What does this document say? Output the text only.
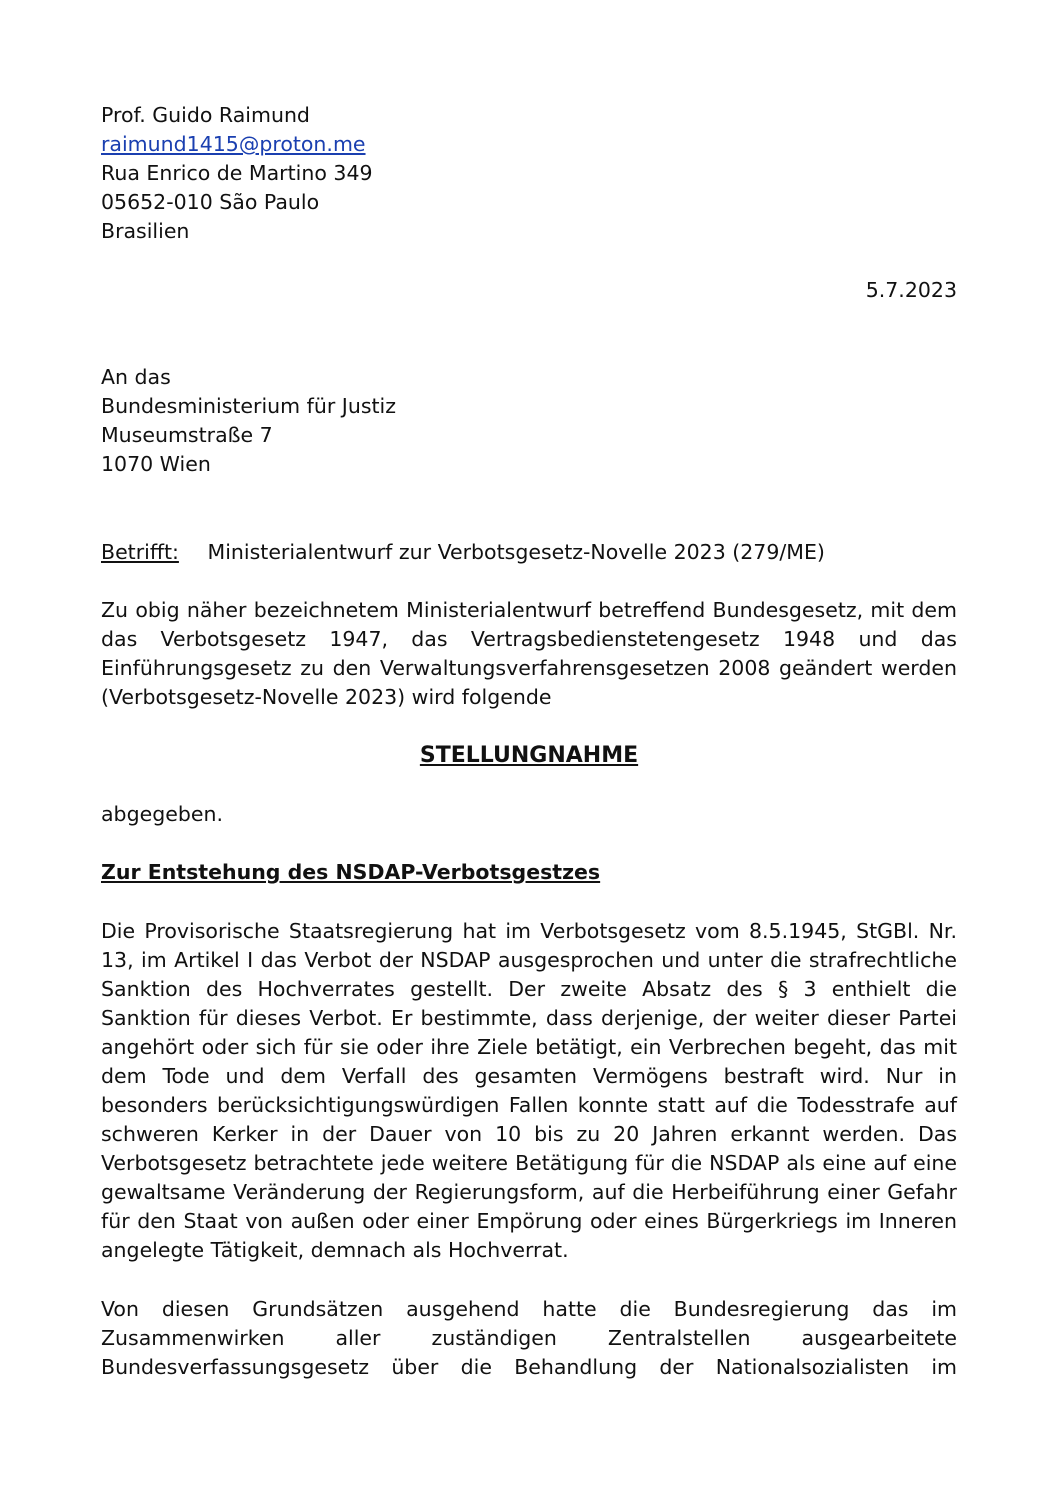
Prof. Guido Raimund
raimund1415@proton.me
Rua Enrico de Martino 349
05652-010 São Paulo
Brasilien
5.7.2023
An das
Bundesministerium für Justiz
Museumstraße 7
1070 Wien
Betrifft: Ministerialentwurf zur Verbotsgesetz-Novelle 2023 (279/ME)
Zu obig näher bezeichnetem Ministerialentwurf betreffend Bundesgesetz, mit dem
das Verbotsgesetz 1947, das Vertragsbedienstetengesetz 1948 und das
Einführungsgesetz zu den Verwaltungsverfahrensgesetzen 2008 geändert werden
(Verbotsgesetz-Novelle 2023) wird folgende
STELLUNGNAHME
abgegeben.
Zur Entstehung des NSDAP-Verbotsgestzes
Die Provisorische Staatsregierung hat im Verbotsgesetz vom 8.5.1945, StGBl. Nr.
13, im Artikel I das Verbot der NSDAP ausgesprochen und unter die strafrechtliche
Sanktion des Hochverrates gestellt. Der zweite Absatz des § 3 enthielt die
Sanktion für dieses Verbot. Er bestimmte, dass derjenige, der weiter dieser Partei
angehört oder sich für sie oder ihre Ziele betätigt, ein Verbrechen begeht, das mit
dem Tode und dem Verfall des gesamten Vermögens bestraft wird. Nur in
besonders berücksichtigungswürdigen Fallen konnte statt auf die Todesstrafe auf
schweren Kerker in der Dauer von 10 bis zu 20 Jahren erkannt werden. Das
Verbotsgesetz betrachtete jede weitere Betätigung für die NSDAP als eine auf eine
gewaltsame Veränderung der Regierungsform, auf die Herbeiführung einer Gefahr
für den Staat von außen oder einer Empörung oder eines Bürgerkriegs im Inneren
angelegte Tätigkeit, demnach als Hochverrat.
Von diesen Grundsätzen ausgehend hatte die Bundesregierung das im
Zusammenwirken aller zuständigen Zentralstellen ausgearbeitete
Bundesverfassungsgesetz über die Behandlung der Nationalsozialisten im
